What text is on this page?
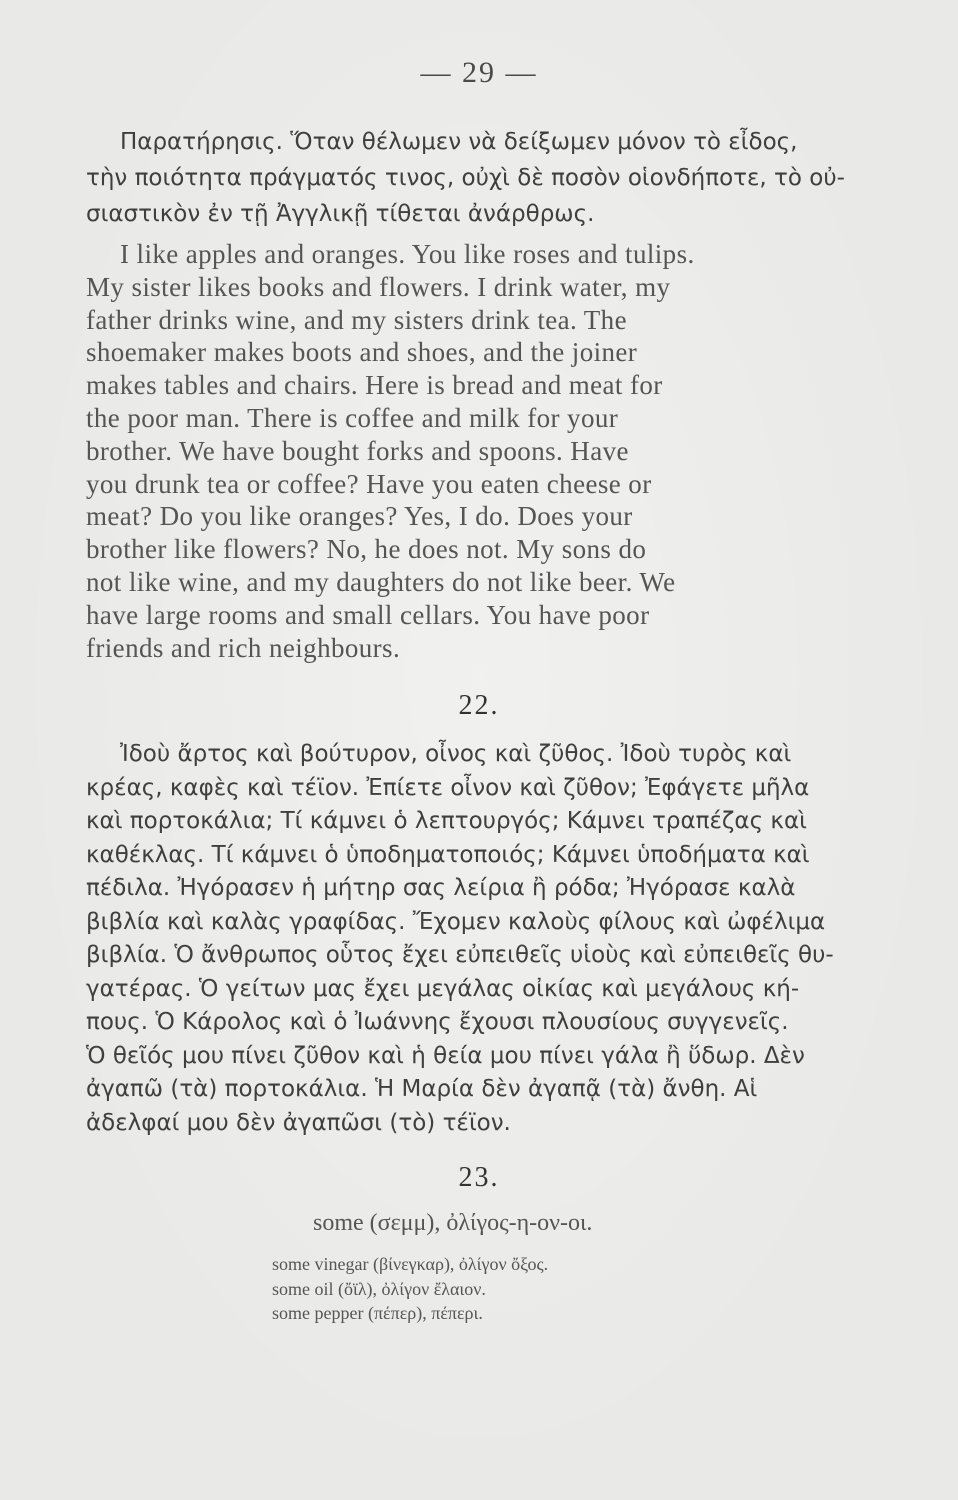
— 29 —
Παρατήρησις. Ὅταν θέλωμεν νὰ δείξωμεν μόνον τὸ εἶδος,
τὴν ποιότητα πράγματός τινος, οὐχὶ δὲ ποσὸν οἱονδήποτε, τὸ οὐ-
σιαστικὸν ἐν τῇ Ἀγγλικῇ τίθεται ἀνάρθρως.
I like apples and oranges. You like roses and tulips.
My sister likes books and flowers. I drink water, my
father drinks wine, and my sisters drink tea. The
shoemaker makes boots and shoes, and the joiner
makes tables and chairs. Here is bread and meat for
the poor man. There is coffee and milk for your
brother. We have bought forks and spoons. Have
you drunk tea or coffee? Have you eaten cheese or
meat? Do you like oranges? Yes, I do. Does your
brother like flowers? No, he does not. My sons do
not like wine, and my daughters do not like beer. We
have large rooms and small cellars. You have poor
friends and rich neighbours.
22.
Ἰδοὺ ἄρτος καὶ βούτυρον, οἶνος καὶ ζῦθος. Ἰδοὺ τυρὸς καὶ
κρέας, καφὲς καὶ τέϊον. Ἐπίετε οἶνον καὶ ζῦθον; Ἐφάγετε μῆλα
καὶ πορτοκάλια; Τί κάμνει ὁ λεπτουργός; Κάμνει τραπέζας καὶ
καθέκλας. Τί κάμνει ὁ ὑποδηματοποιός; Κάμνει ὑποδήματα καὶ
πέδιλα. Ἠγόρασεν ἡ μήτηρ σας λείρια ἢ ρόδα; Ἠγόρασε καλὰ
βιβλία καὶ καλὰς γραφίδας. Ἔχομεν καλοὺς φίλους καὶ ὠφέλιμα
βιβλία. Ὁ ἄνθρωπος οὗτος ἔχει εὐπειθεῖς υἱοὺς καὶ εὐπειθεῖς θυ-
γατέρας. Ὁ γείτων μας ἔχει μεγάλας οἰκίας καὶ μεγάλους κή-
πους. Ὁ Κάρολος καὶ ὁ Ἰωάννης ἔχουσι πλουσίους συγγενεῖς.
Ὁ θεῖός μου πίνει ζῦθον καὶ ἡ θεία μου πίνει γάλα ἢ ὕδωρ. Δὲν
ἀγαπῶ (τὰ) πορτοκάλια. Ἡ Μαρία δὲν ἀγαπᾷ (τὰ) ἄνθη. Αἱ
ἀδελφαί μου δὲν ἀγαπῶσι (τὸ) τέϊον.
23.
some (σεμμ), ὀλίγος-η-ον-οι.
some vinegar (βίνεγκαρ), ὀλίγον ὄξος.
some oil (ὄϊλ), ὀλίγον ἔλαιον.
some pepper (πέπερ), πέπερι.
